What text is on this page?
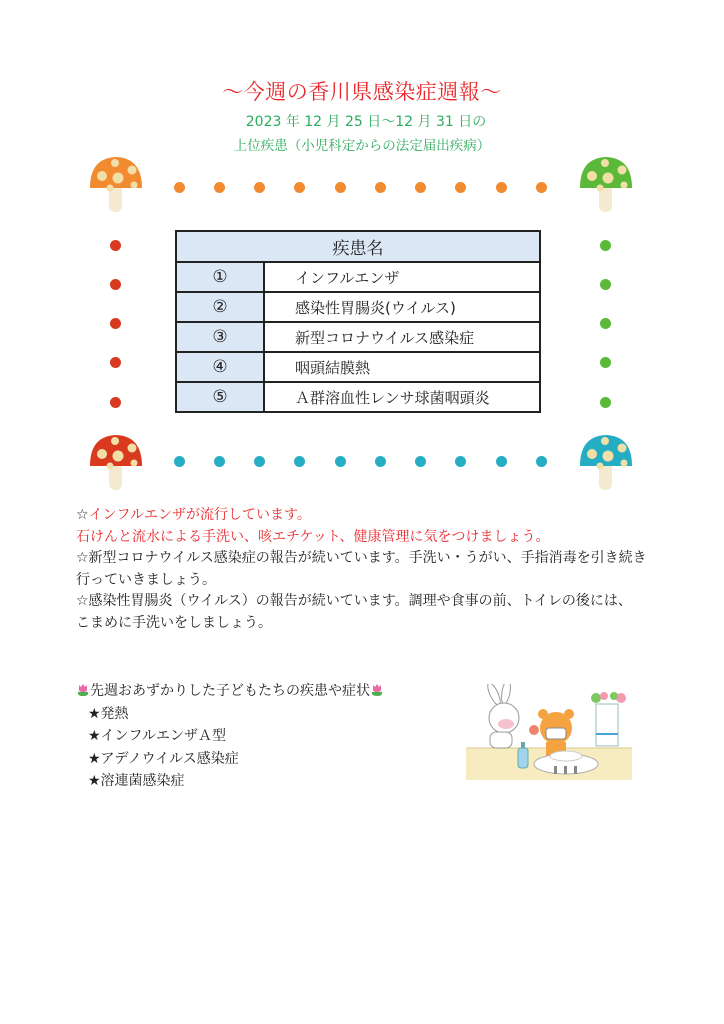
～今週の香川県感染症週報～
2023 年 12 月 25 日～12 月 31 日の
上位疾患（小児科定からの法定届出疾病）
疾患名	
①	インフルエンザ
②	感染性胃腸炎(ウイルス)
③	新型コロナウイルス感染症
④	咽頭結膜熱
⑤	Ａ群溶血性レンサ球菌咽頭炎
☆インフルエンザが流行しています。
石けんと流水による手洗い、咳エチケット、健康管理に気をつけましょう。
☆新型コロナウイルス感染症の報告が続いています。手洗い・うがい、手指消毒を引き続き
行っていきましょう。
☆感染性胃腸炎（ウイルス）の報告が続いています。調理や食事の前、トイレの後には、
こまめに手洗いをしましょう。
先週おあずかりした子どもたちの疾患や症状
★発熱
★インフルエンザＡ型
★アデノウイルス感染症
★溶連菌感染症
